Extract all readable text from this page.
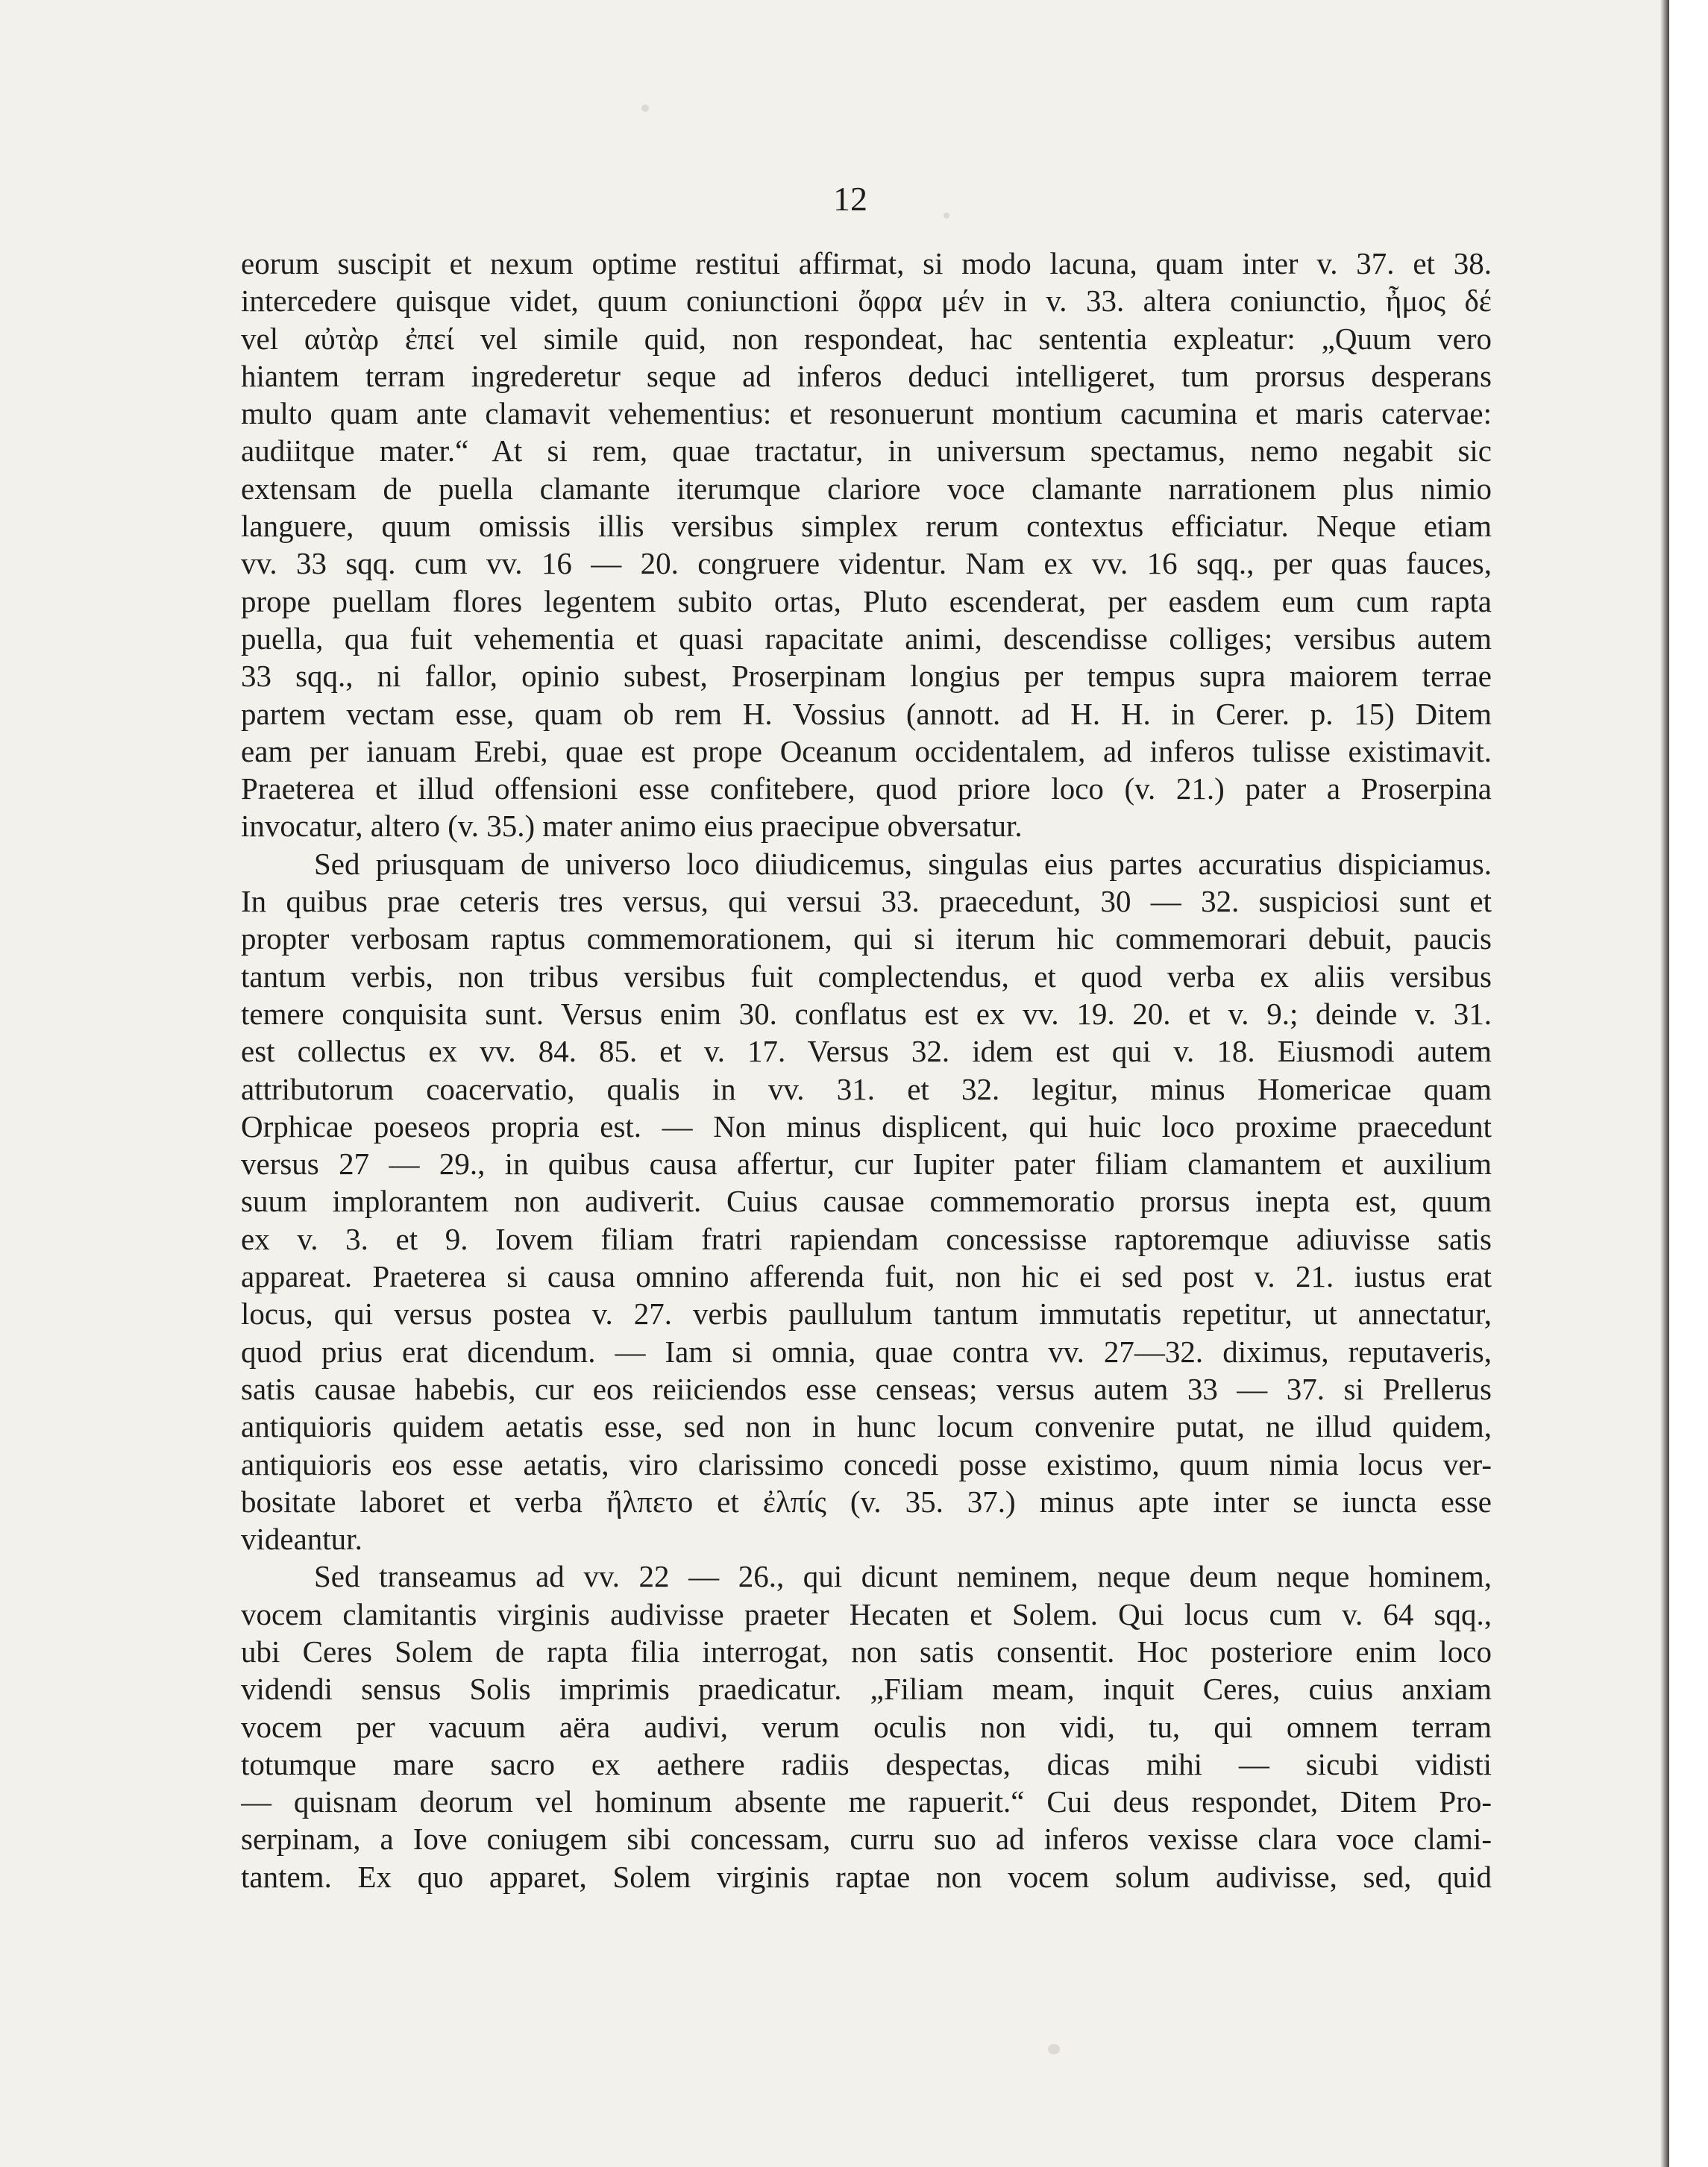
12
eorum suscipit et nexum optime restitui affirmat, si modo lacuna, quam inter v. 37. et 38.
intercedere quisque videt, quum coniunctioni ὄφρα μέν in v. 33. altera coniunctio, ἦμος δέ
vel αὐτὰρ ἐπεί vel simile quid, non respondeat, hac sententia expleatur: „Quum vero
hiantem terram ingrederetur seque ad inferos deduci intelligeret, tum prorsus desperans
multo quam ante clamavit vehementius: et resonuerunt montium cacumina et maris catervae:
audiitque mater.“ At si rem, quae tractatur, in universum spectamus, nemo negabit sic
extensam de puella clamante iterumque clariore voce clamante narrationem plus nimio
languere, quum omissis illis versibus simplex rerum contextus efficiatur. Neque etiam
vv. 33 sqq. cum vv. 16 — 20. congruere videntur. Nam ex vv. 16 sqq., per quas fauces,
prope puellam flores legentem subito ortas, Pluto escenderat, per easdem eum cum rapta
puella, qua fuit vehementia et quasi rapacitate animi, descendisse colliges; versibus autem
33 sqq., ni fallor, opinio subest, Proserpinam longius per tempus supra maiorem terrae
partem vectam esse, quam ob rem H. Vossius (annott. ad H. H. in Cerer. p. 15) Ditem
eam per ianuam Erebi, quae est prope Oceanum occidentalem, ad inferos tulisse existimavit.
Praeterea et illud offensioni esse confitebere, quod priore loco (v. 21.) pater a Proserpina
invocatur, altero (v. 35.) mater animo eius praecipue obversatur.
Sed priusquam de universo loco diiudicemus, singulas eius partes accuratius dispiciamus.
In quibus prae ceteris tres versus, qui versui 33. praecedunt, 30 — 32. suspiciosi sunt et
propter verbosam raptus commemorationem, qui si iterum hic commemorari debuit, paucis
tantum verbis, non tribus versibus fuit complectendus, et quod verba ex aliis versibus
temere conquisita sunt. Versus enim 30. conflatus est ex vv. 19. 20. et v. 9.; deinde v. 31.
est collectus ex vv. 84. 85. et v. 17. Versus 32. idem est qui v. 18. Eiusmodi autem
attributorum coacervatio, qualis in vv. 31. et 32. legitur, minus Homericae quam
Orphicae poeseos propria est. — Non minus displicent, qui huic loco proxime praecedunt
versus 27 — 29., in quibus causa affertur, cur Iupiter pater filiam clamantem et auxilium
suum implorantem non audiverit. Cuius causae commemoratio prorsus inepta est, quum
ex v. 3. et 9. Iovem filiam fratri rapiendam concessisse raptoremque adiuvisse satis
appareat. Praeterea si causa omnino afferenda fuit, non hic ei sed post v. 21. iustus erat
locus, qui versus postea v. 27. verbis paullulum tantum immutatis repetitur, ut annectatur,
quod prius erat dicendum. — Iam si omnia, quae contra vv. 27—32. diximus, reputaveris,
satis causae habebis, cur eos reiiciendos esse censeas; versus autem 33 — 37. si Prellerus
antiquioris quidem aetatis esse, sed non in hunc locum convenire putat, ne illud quidem,
antiquioris eos esse aetatis, viro clarissimo concedi posse existimo, quum nimia locus ver-
bositate laboret et verba ἤλπετο et ἐλπίς (v. 35. 37.) minus apte inter se iuncta esse
videantur.
Sed transeamus ad vv. 22 — 26., qui dicunt neminem, neque deum neque hominem,
vocem clamitantis virginis audivisse praeter Hecaten et Solem. Qui locus cum v. 64 sqq.,
ubi Ceres Solem de rapta filia interrogat, non satis consentit. Hoc posteriore enim loco
videndi sensus Solis imprimis praedicatur. „Filiam meam, inquit Ceres, cuius anxiam
vocem per vacuum aëra audivi, verum oculis non vidi, tu, qui omnem terram
totumque mare sacro ex aethere radiis despectas, dicas mihi — sicubi vidisti
— quisnam deorum vel hominum absente me rapuerit.“ Cui deus respondet, Ditem Pro-
serpinam, a Iove coniugem sibi concessam, curru suo ad inferos vexisse clara voce clami-
tantem. Ex quo apparet, Solem virginis raptae non vocem solum audivisse, sed, quid
